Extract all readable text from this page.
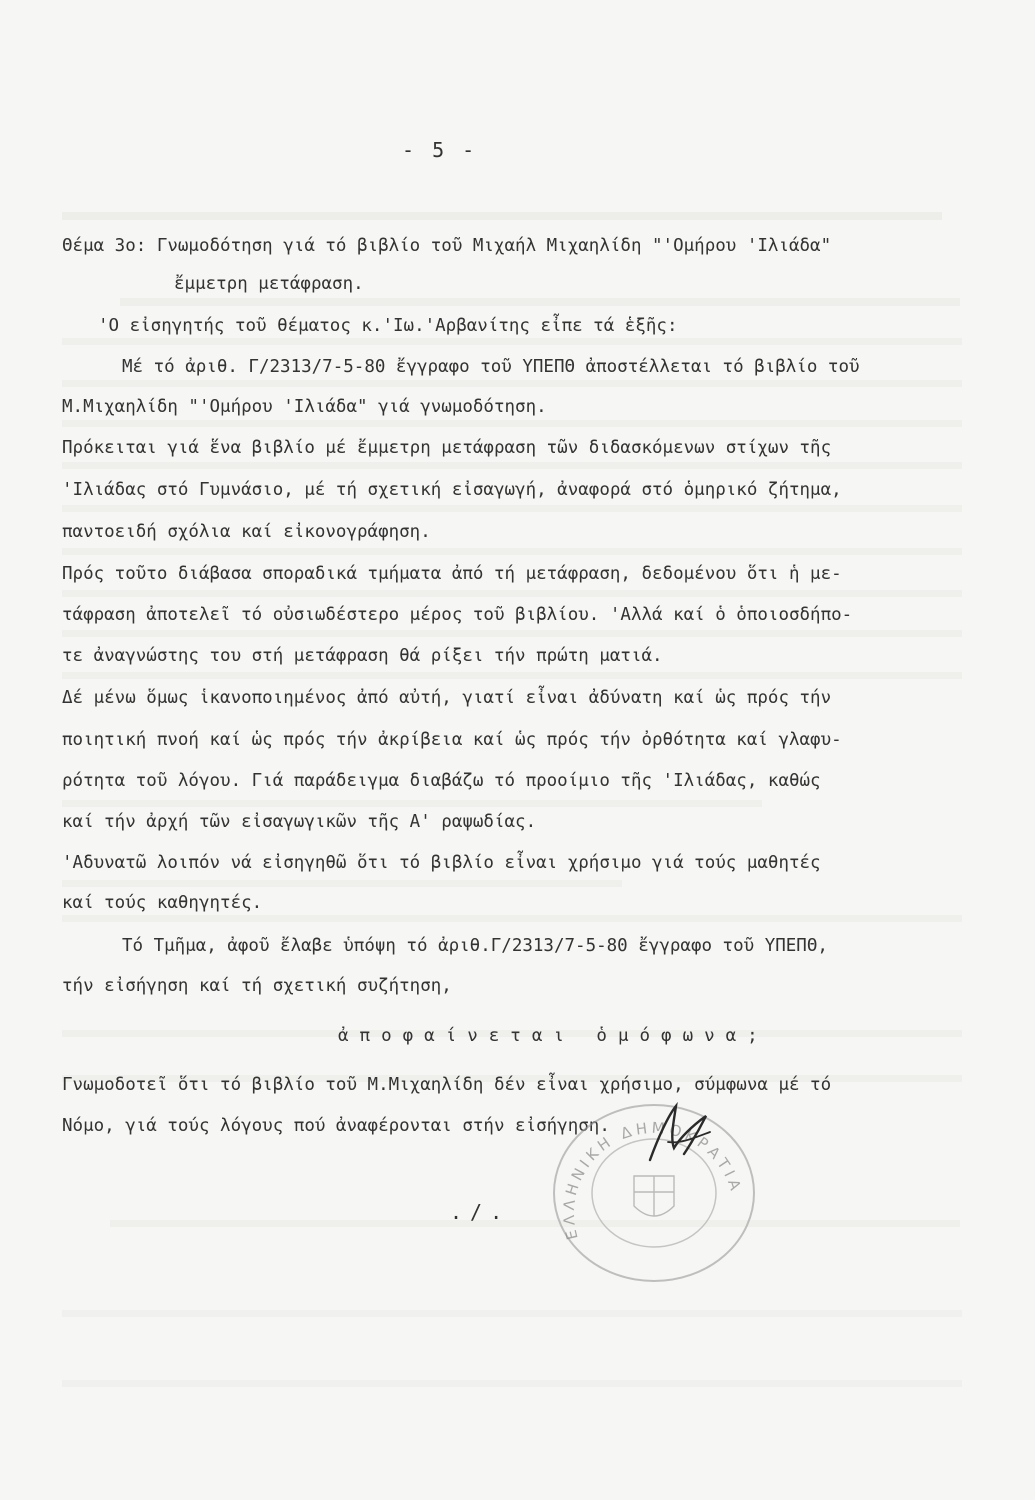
- 5 -
Θέμα 3ο: Γνωμοδότηση γιά τό βιβλίο τοῦ Μιχαήλ Μιχαηλίδη "'Ομήρου 'Ιλιάδα"
ἔμμετρη μετάφραση.
'Ο εἰσηγητής τοῦ θέματος κ.'Ιω.'Αρβανίτης εἶπε τά ἑξῆς:
Μέ τό ἀριθ. Γ/2313/7-5-80 ἔγγραφο τοῦ ΥΠΕΠΘ ἀποστέλλεται τό βιβλίο τοῦ
Μ.Μιχαηλίδη "'Ομήρου 'Ιλιάδα" γιά γνωμοδότηση.
Πρόκειται γιά ἕνα βιβλίο μέ ἔμμετρη μετάφραση τῶν διδασκόμενων στίχων τῆς
'Ιλιάδας στό Γυμνάσιο, μέ τή σχετική εἰσαγωγή, ἀναφορά στό ὁμηρικό ζήτημα,
παντοειδή σχόλια καί εἰκονογράφηση.
Πρός τοῦτο διάβασα σποραδικά τμήματα ἀπό τή μετάφραση, δεδομένου ὅτι ἡ με-
τάφραση ἀποτελεῖ τό οὐσιωδέστερο μέρος τοῦ βιβλίου. 'Αλλά καί ὁ ὁποιοσδήπο-
τε ἀναγνώστης του στή μετάφραση θά ρίξει τήν πρώτη ματιά.
Δέ μένω ὅμως ἱκανοποιημένος ἀπό αὐτή, γιατί εἶναι ἀδύνατη καί ὡς πρός τήν
ποιητική πνοή καί ὡς πρός τήν ἀκρίβεια καί ὡς πρός τήν ὀρθότητα καί γλαφυ-
ρότητα τοῦ λόγου. Γιά παράδειγμα διαβάζω τό προοίμιο τῆς 'Ιλιάδας, καθώς
καί τήν ἀρχή τῶν εἰσαγωγικῶν τῆς Α' ραψωδίας.
'Αδυνατῶ λοιπόν νά εἰσηγηθῶ ὅτι τό βιβλίο εἶναι χρήσιμο γιά τούς μαθητές
καί τούς καθηγητές.
Τό Τμῆμα, ἀφοῦ ἔλαβε ὑπόψη τό ἀριθ.Γ/2313/7-5-80 ἔγγραφο τοῦ ΥΠΕΠΘ,
τήν εἰσήγηση καί τή σχετική συζήτηση,
ἀποφαίνεται ὁμόφωνα;
Γνωμοδοτεῖ ὅτι τό βιβλίο τοῦ Μ.Μιχαηλίδη δέν εἶναι χρήσιμο, σύμφωνα μέ τό
Νόμο, γιά τούς λόγους πού ἀναφέρονται στήν εἰσήγηση.
./.
ΕΛΛΗΝΙΚΗ ΔΗΜΟΚΡΑΤΙΑ
